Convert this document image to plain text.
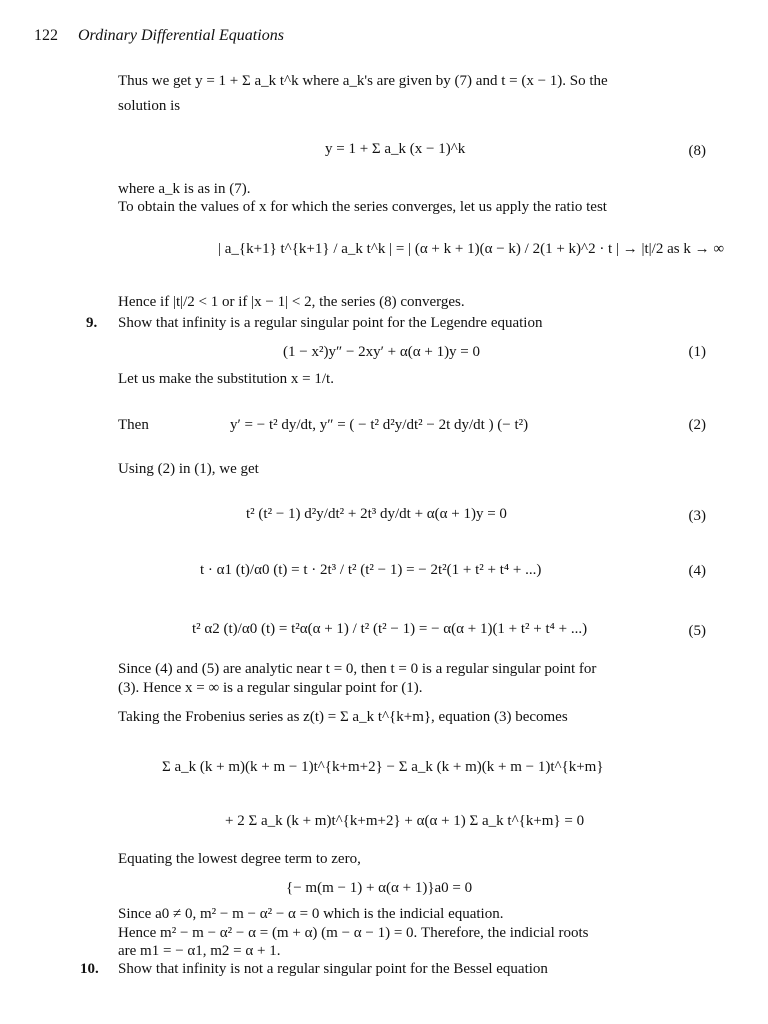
122 Ordinary Differential Equations
Thus we get y = 1 + Σ a_k t^k where a_k's are given by (7) and t = (x − 1). So the
solution is
y = 1 + Σ a_k (x − 1)^k	(8)
where a_k is as in (7).
To obtain the values of x for which the series converges, let us apply the ratio test
| a_{k+1} t^{k+1} / a_k t^k | = | (α + k + 1)(α − k) / 2(1 + k)^2 · t | → |t|/2 as k → ∞
Hence if |t|/2 < 1 or if |x − 1| < 2, the series (8) converges.
9. Show that infinity is a regular singular point for the Legendre equation
(1 − x²)y″ − 2xy′ + α(α + 1)y = 0	(1)
Let us make the substitution x = 1/t.
Then	y′ = − t² dy/dt, y″ = ( − t² d²y/dt² − 2t dy/dt ) (− t²)	(2)
Using (2) in (1), we get
t² (t² − 1) d²y/dt² + 2t³ dy/dt + α(α + 1)y = 0	(3)
t · α1 (t)/α0 (t) = t · 2t³ / t² (t² − 1) = − 2t²(1 + t² + t⁴ + ...)	(4)
t² α2 (t)/α0 (t) = t²α(α + 1) / t² (t² − 1) = − α(α + 1)(1 + t² + t⁴ + ...)	(5)
Since (4) and (5) are analytic near t = 0, then t = 0 is a regular singular point for
(3). Hence x = ∞ is a regular singular point for (1).
Taking the Frobenius series as z(t) = Σ a_k t^{k+m}, equation (3) becomes
Σ a_k (k + m)(k + m − 1)t^{k+m+2} − Σ a_k (k + m)(k + m − 1)t^{k+m}
+ 2 Σ a_k (k + m)t^{k+m+2} + α(α + 1) Σ a_k t^{k+m} = 0
Equating the lowest degree term to zero,
{− m(m − 1) + α(α + 1)}a0 = 0
Since a0 ≠ 0, m² − m − α² − α = 0 which is the indicial equation.
Hence m² − m − α² − α = (m + α) (m − α − 1) = 0. Therefore, the indicial roots
are m1 = − α1, m2 = α + 1.
10. Show that infinity is not a regular singular point for the Bessel equation
